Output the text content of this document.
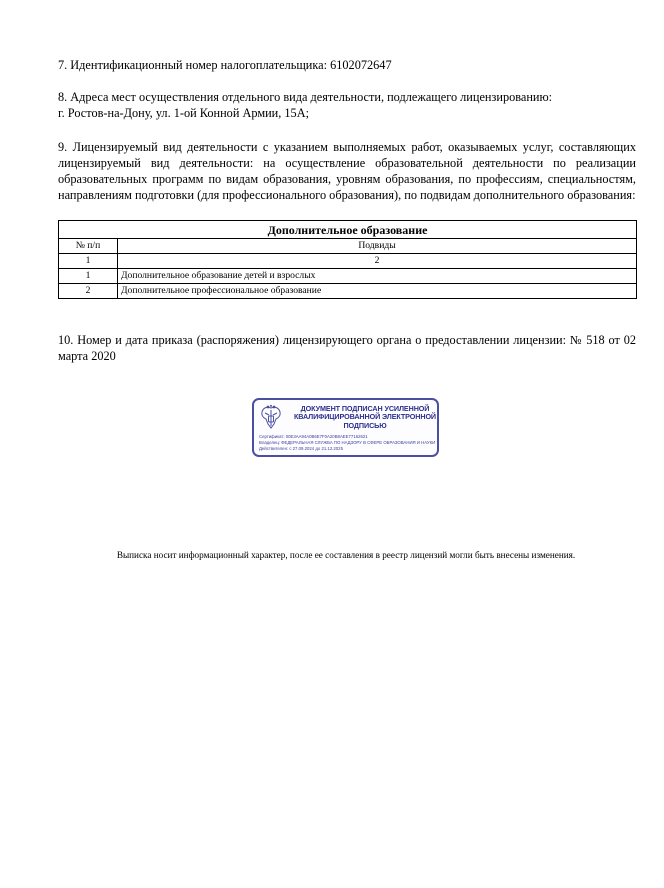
7. Идентификационный номер налогоплательщика: 6102072647

8. Адреса мест осуществления отдельного вида деятельности, подлежащего лицензированию:
г. Ростов-на-Дону, ул. 1-ой Конной Армии, 15А;

9. Лицензируемый вид деятельности с указанием выполняемых работ, оказываемых услуг, составляющих лицензируемый вид деятельности: на осуществление образовательной деятельности по реализации образовательных программ по видам образования, уровням образования, по профессиям, специальностям, направлениям подготовки (для профессионального образования), по подвидам дополнительного образования:

Дополнительное образование	
№ п/п	Подвиды
1	2
1	Дополнительное образование детей и взрослых
2	Дополнительное профессиональное образование

10. Номер и дата приказа (распоряжения) лицензирующего органа о предоставлении лицензии: № 518 от 02 марта 2020

ДОКУМЕНТ ПОДПИСАН УСИЛЕННОЙ КВАЛИФИЦИРОВАННОЙ ЭЛЕКТРОННОЙ ПОДПИСЬЮ
Сертификат: 00E3AA94A0B6E7F0A20B8AEE77162621
Владелец: ФЕДЕРАЛЬНАЯ СЛУЖБА ПО НАДЗОРУ В СФЕРЕ ОБРАЗОВАНИЯ И НАУКИ
Действителен: с 27.09.2024 до 21.12.2025
Выписка носит информационный характер, после ее составления в реестр лицензий могли быть внесены изменения.
